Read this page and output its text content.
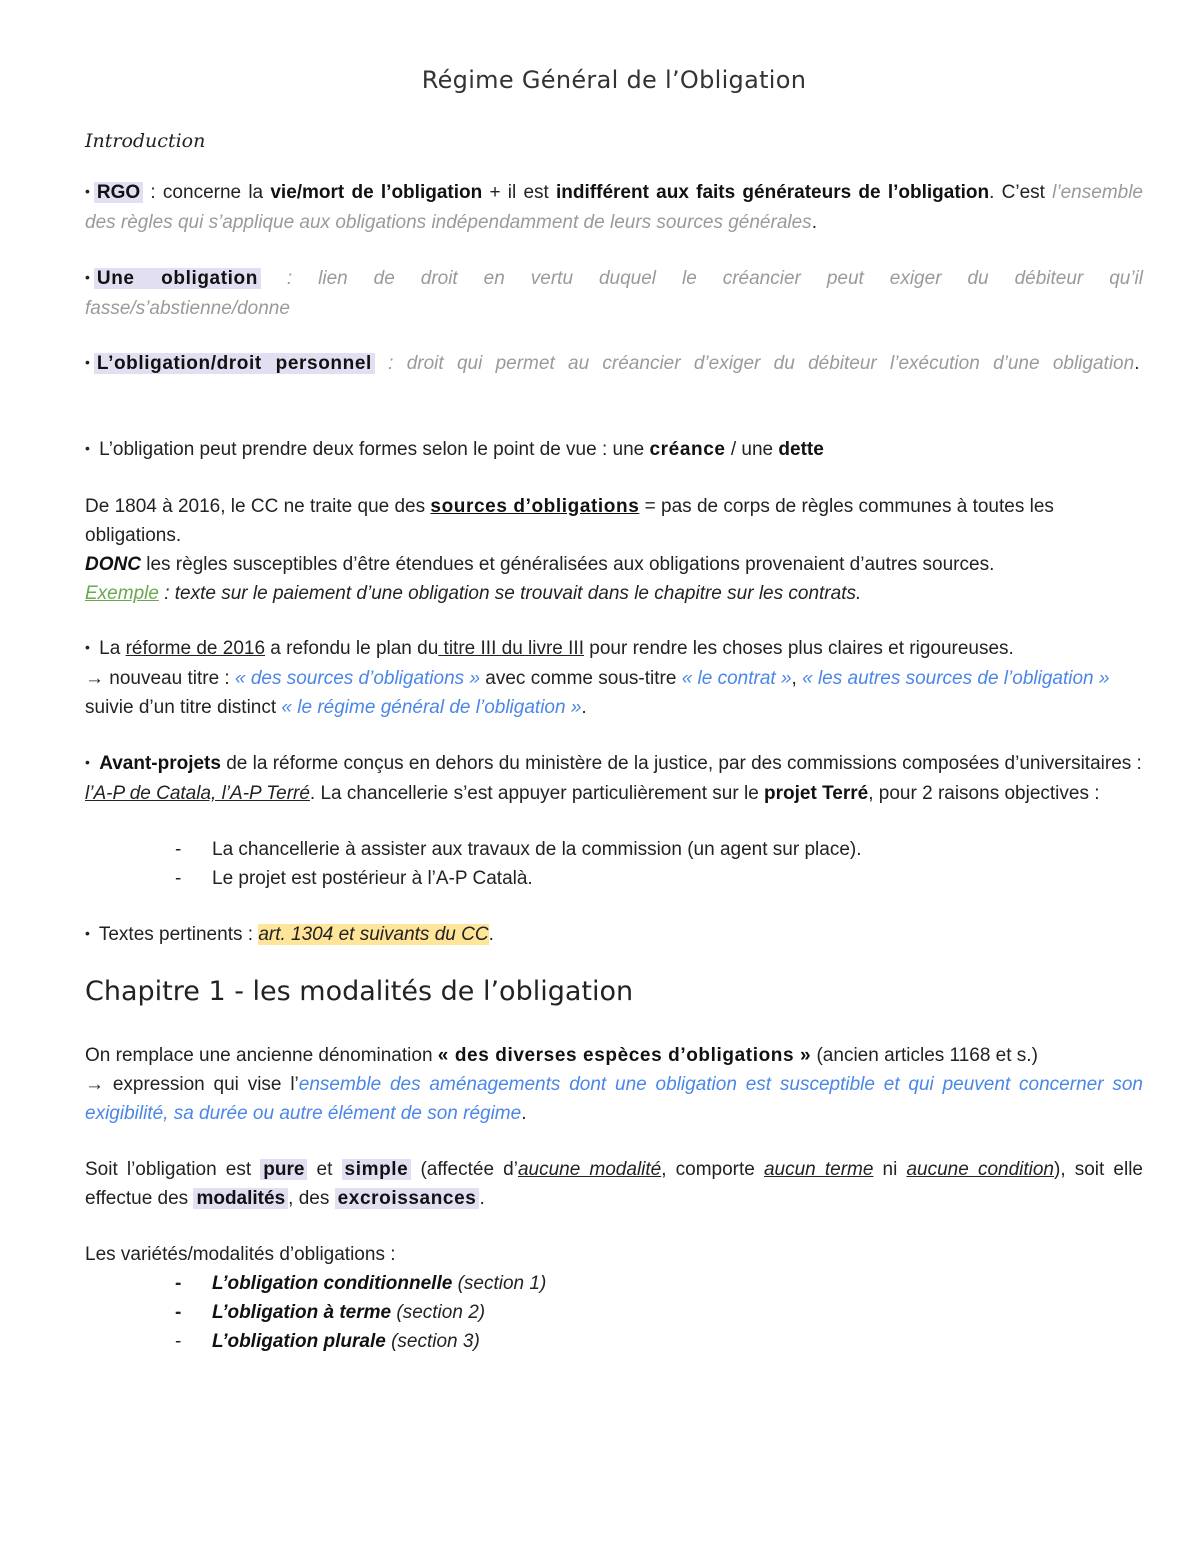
Régime Général de l’Obligation
Introduction
• RGO : concerne la vie/mort de l’obligation + il est indifférent aux faits générateurs de l’obligation. C’est l’ensemble des règles qui s’applique aux obligations indépendamment de leurs sources générales.
• Une obligation : lien de droit en vertu duquel le créancier peut exiger du débiteur qu’il fasse/s’abstienne/donne
• L’obligation/droit personnel : droit qui permet au créancier d’exiger du débiteur l’exécution d’une obligation.
• L’obligation peut prendre deux formes selon le point de vue : une créance / une dette
De 1804 à 2016, le CC ne traite que des sources d’obligations = pas de corps de règles communes à toutes les obligations.
DONC les règles susceptibles d’être étendues et généralisées aux obligations provenaient d’autres sources.
Exemple : texte sur le paiement d’une obligation se trouvait dans le chapitre sur les contrats.
• La réforme de 2016 a refondu le plan du titre III du livre III pour rendre les choses plus claires et rigoureuses.
→ nouveau titre : « des sources d’obligations » avec comme sous-titre « le contrat », « les autres sources de l’obligation » suivie d’un titre distinct « le régime général de l’obligation ».
• Avant-projets de la réforme conçus en dehors du ministère de la justice, par des commissions composées d’universitaires : l’A-P de Catala, l’A-P Terré. La chancellerie s’est appuyer particulièrement sur le projet Terré, pour 2 raisons objectives :
- La chancellerie à assister aux travaux de la commission (un agent sur place).
- Le projet est postérieur à l’A-P Català.
• Textes pertinents : art. 1304 et suivants du CC.
Chapitre 1 - les modalités de l’obligation
On remplace une ancienne dénomination « des diverses espèces d’obligations » (ancien articles 1168 et s.)
→ expression qui vise l’ensemble des aménagements dont une obligation est susceptible et qui peuvent concerner son exigibilité, sa durée ou autre élément de son régime.
Soit l’obligation est pure et simple (affectée d’aucune modalité, comporte aucun terme ni aucune condition), soit elle effectue des modalités , des excroissances .
Les variétés/modalités d’obligations :
- L’obligation conditionnelle (section 1)
- L’obligation à terme (section 2)
- L’obligation plurale (section 3)
